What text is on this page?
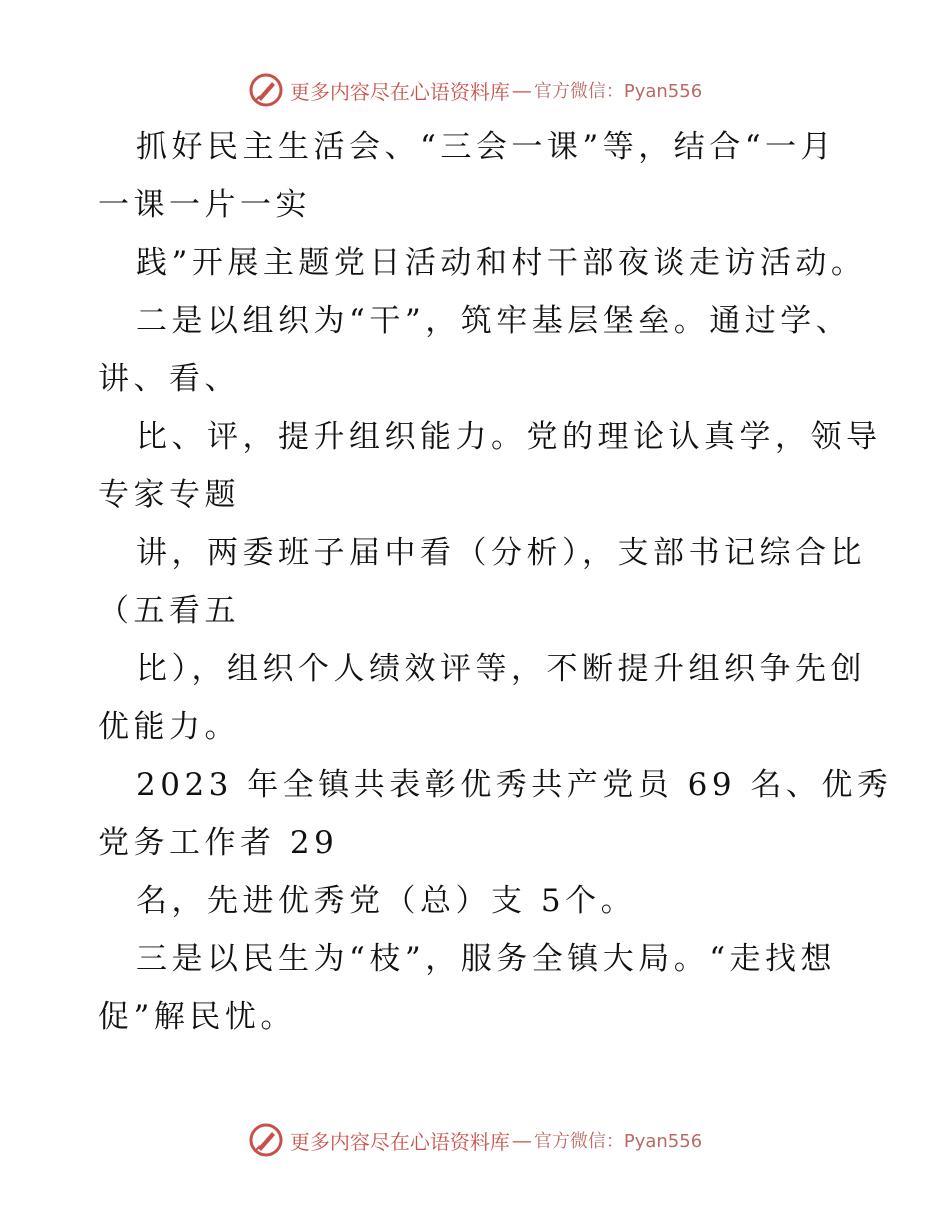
更多内容尽在心语资料库 — 官方微信：Pyan556
抓好民主生活会、“三会一课”等，结合“一月
一课一片一实
践”开展主题党日活动和村干部夜谈走访活动。
二是以组织为“干”，筑牢基层堡垒。通过学、
讲、看、
比、评，提升组织能力。党的理论认真学，领导
专家专题
讲，两委班子届中看（分析），支部书记综合比
（五看五
比），组织个人绩效评等，不断提升组织争先创
优能力。
2023 年全镇共表彰优秀共产党员 69 名、优秀
党务工作者 29
名，先进优秀党（总）支 5个。
三是以民生为“枝”，服务全镇大局。“走找想
促”解民忧。
更多内容尽在心语资料库 — 官方微信：Pyan556
